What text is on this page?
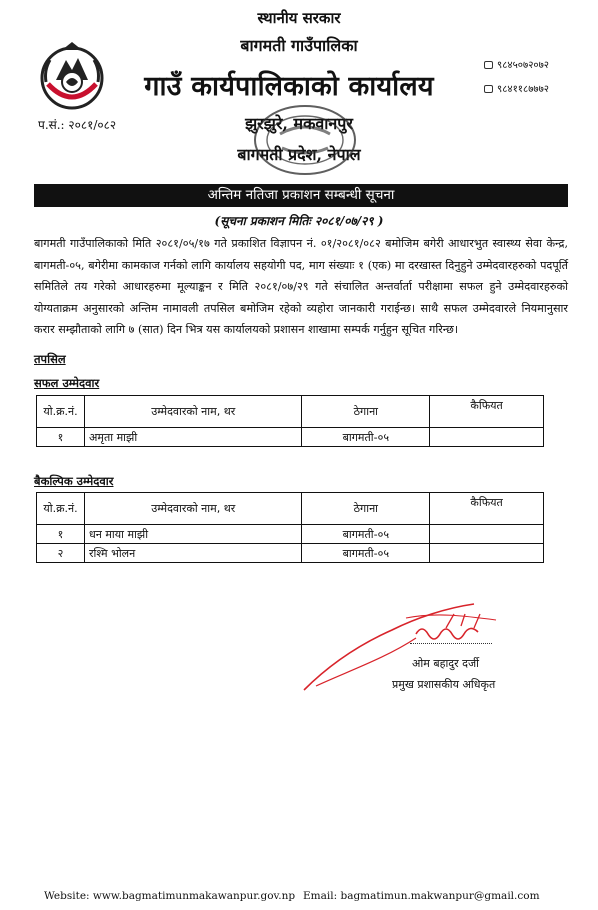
स्थानीय सरकार
बागमती गाउँपालिका
गाउँ कार्यपालिकाको कार्यालय
९८४५०७२०७२
९८४११८७७७२
प.सं.: २०८१/०८२	झुरझुरे, मकवानपुर
बागमती प्रदेश, नेपाल
अन्तिम नतिजा प्रकाशन सम्बन्धी सूचना
(सूचना प्रकाशन मितिः २०८१/०७/२९ )
बागमती गाउँपालिकाको मिति २०८१/०५/१७ गते प्रकाशित विज्ञापन नं. ०१/२०८१/०८२ बमोजिम बगेरी आधारभुत स्वास्थ्य सेवा केन्द्र, बागमती-०५, बगेरीमा कामकाज गर्नको लागि कार्यालय सहयोगी पद, माग संख्याः १ (एक) मा दरखास्त दिनुहुने उम्मेदवारहरुको पदपूर्ति समितिले तय गरेको आधारहरुमा मूल्याङ्कन र मिति २०८१/०७/२९ गते संचालित अन्तर्वार्ता परीक्षामा सफल हुने उम्मेदवारहरुको योग्यताक्रम अनुसारको अन्तिम नामावली तपसिल बमोजिम रहेको व्यहोरा जानकारी गराईन्छ। साथै सफल उम्मेदवारले नियमानुसार करार सम्झौताको लागि ७ (सात) दिन भित्र यस कार्यालयको प्रशासन शाखामा सम्पर्क गर्नुहुन सूचित गरिन्छ।
तपसिल
सफल उम्मेदवार
यो.क्र.नं.	उम्मेदवारको नाम, थर	ठेगाना	कैफियत
१	अमृता माझी	बागमती-०५	
बैकल्पिक उम्मेदवार
यो.क्र.नं.	उम्मेदवारको नाम, थर	ठेगाना	कैफियत
१	धन माया माझी	बागमती-०५	
२	रश्मि भोलन	बागमती-०५	
ओम बहादुर दर्जी
प्रमुख प्रशासकीय अधिकृत
Website: www.bagmatimunmakawanpur.gov.np Email: bagmatimun.makwanpur@gmail.com
